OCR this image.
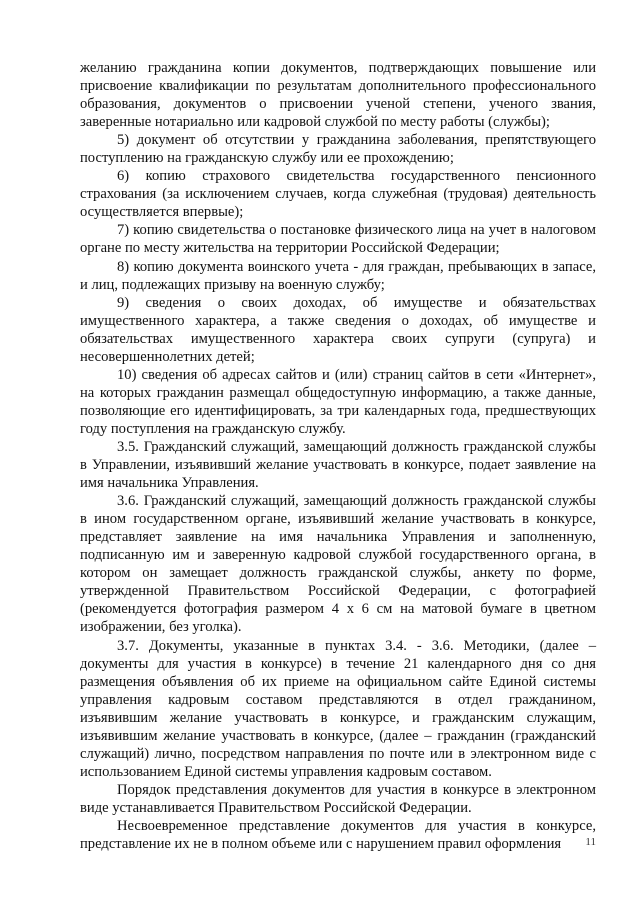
желанию гражданина копии документов, подтверждающих повышение или присвоение квалификации по результатам дополнительного профессионального образования, документов о присвоении ученой степени, ученого звания, заверенные нотариально или кадровой службой по месту работы (службы);

5) документ об отсутствии у гражданина заболевания, препятствующего поступлению на гражданскую службу или ее прохождению;

6) копию страхового свидетельства государственного пенсионного страхования (за исключением случаев, когда служебная (трудовая) деятельность осуществляется впервые);

7) копию свидетельства о постановке физического лица на учет в налоговом органе по месту жительства на территории Российской Федерации;

8) копию документа воинского учета - для граждан, пребывающих в запасе, и лиц, подлежащих призыву на военную службу;

9) сведения о своих доходах, об имуществе и обязательствах имущественного характера, а также сведения о доходах, об имуществе и обязательствах имущественного характера своих супруги (супруга) и несовершеннолетних детей;

10) сведения об адресах сайтов и (или) страниц сайтов в сети «Интернет», на которых гражданин размещал общедоступную информацию, а также данные, позволяющие его идентифицировать, за три календарных года, предшествующих году поступления на гражданскую службу.

3.5. Гражданский служащий, замещающий должность гражданской службы в Управлении, изъявивший желание участвовать в конкурсе, подает заявление на имя начальника Управления.

3.6. Гражданский служащий, замещающий должность гражданской службы в ином государственном органе, изъявивший желание участвовать в конкурсе, представляет заявление на имя начальника Управления и заполненную, подписанную им и заверенную кадровой службой государственного органа, в котором он замещает должность гражданской службы, анкету по форме, утвержденной Правительством Российской Федерации, с фотографией (рекомендуется фотография размером 4 х 6 см на матовой бумаге в цветном изображении, без уголка).

3.7. Документы, указанные в пунктах 3.4. - 3.6. Методики, (далее – документы для участия в конкурсе) в течение 21 календарного дня со дня размещения объявления об их приеме на официальном сайте Единой системы управления кадровым составом представляются в отдел гражданином, изъявившим желание участвовать в конкурсе, и гражданским служащим, изъявившим желание участвовать в конкурсе, (далее – гражданин (гражданский служащий) лично, посредством направления по почте или в электронном виде с использованием Единой системы управления кадровым составом.

Порядок представления документов для участия в конкурсе в электронном виде устанавливается Правительством Российской Федерации.

Несвоевременное представление документов для участия в конкурсе, представление их не в полном объеме или с нарушением правил оформления	11
